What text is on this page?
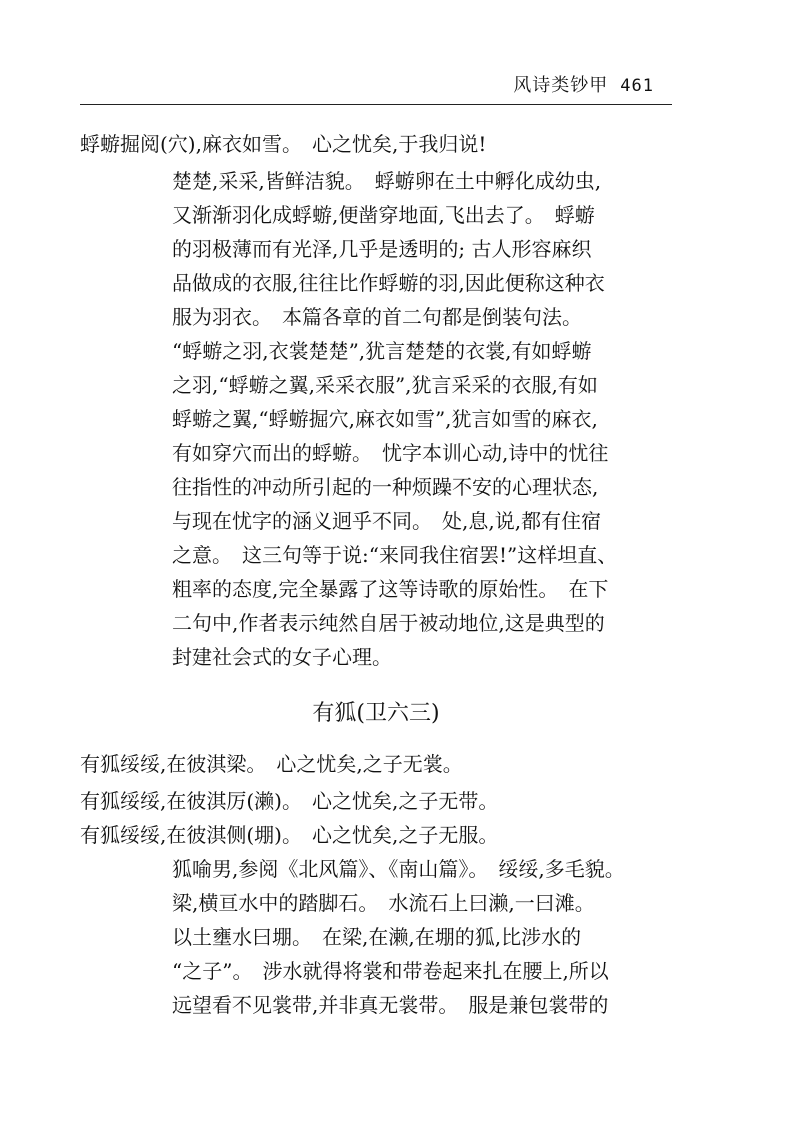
风诗类钞甲 461
蜉蝣掘阅(穴),麻衣如雪。　心之忧矣,于我归说!
楚楚,采采,皆鲜洁貌。　蜉蝣卵在土中孵化成幼虫,
又渐渐羽化成蜉蝣,便凿穿地面,飞出去了。　蜉蝣
的羽极薄而有光泽,几乎是透明的; 古人形容麻织
品做成的衣服,往往比作蜉蝣的羽,因此便称这种衣
服为羽衣。　本篇各章的首二句都是倒装句法。
“蜉蝣之羽,衣裳楚楚”,犹言楚楚的衣裳,有如蜉蝣
之羽,“蜉蝣之翼,采采衣服”,犹言采采的衣服,有如
蜉蝣之翼,“蜉蝣掘穴,麻衣如雪”,犹言如雪的麻衣,
有如穿穴而出的蜉蝣。　忧字本训心动,诗中的忧往
往指性的冲动所引起的一种烦躁不安的心理状态,
与现在忧字的涵义迥乎不同。　处,息,说,都有住宿
之意。　这三句等于说:“来同我住宿罢!”这样坦直、
粗率的态度,完全暴露了这等诗歌的原始性。　在下
二句中,作者表示纯然自居于被动地位,这是典型的
封建社会式的女子心理。
有狐(卫六三)
有狐绥绥,在彼淇梁。　心之忧矣,之子无裳。
有狐绥绥,在彼淇厉(濑)。　心之忧矣,之子无带。
有狐绥绥,在彼淇侧(堋)。　心之忧矣,之子无服。
狐喻男,参阅《北风篇》、《南山篇》。　绥绥,多毛貌。
梁,横亘水中的踏脚石。　水流石上曰濑,一曰滩。
以土壅水曰堋。　在梁,在濑,在堋的狐,比涉水的
“之子”。　涉水就得将裳和带卷起来扎在腰上,所以
远望看不见裳带,并非真无裳带。　服是兼包裳带的
